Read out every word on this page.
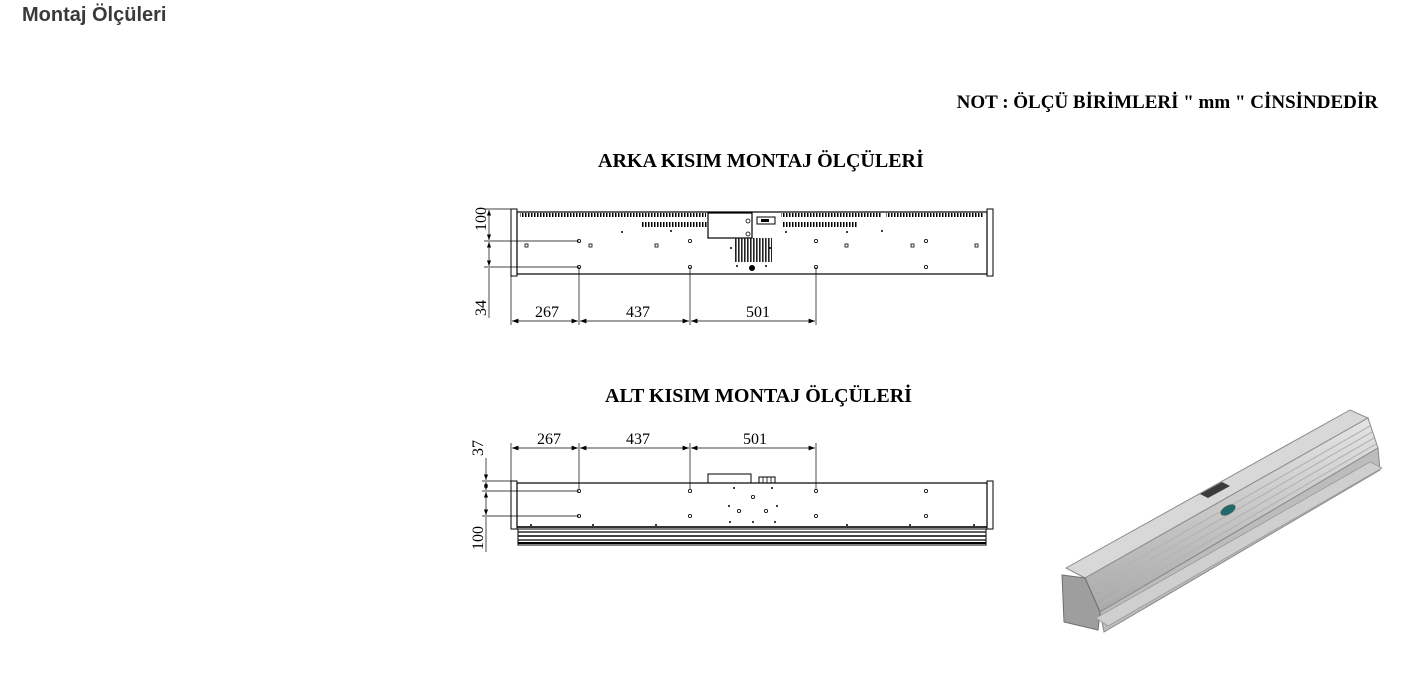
Montaj Ölçüleri
NOT : ÖLÇÜ BİRİMLERİ " mm " CİNSİNDEDİR
ARKA KISIM MONTAJ ÖLÇÜLERİ
ALT KISIM MONTAJ ÖLÇÜLERİ
267	437	501
100
34
267	437	501
37
100
